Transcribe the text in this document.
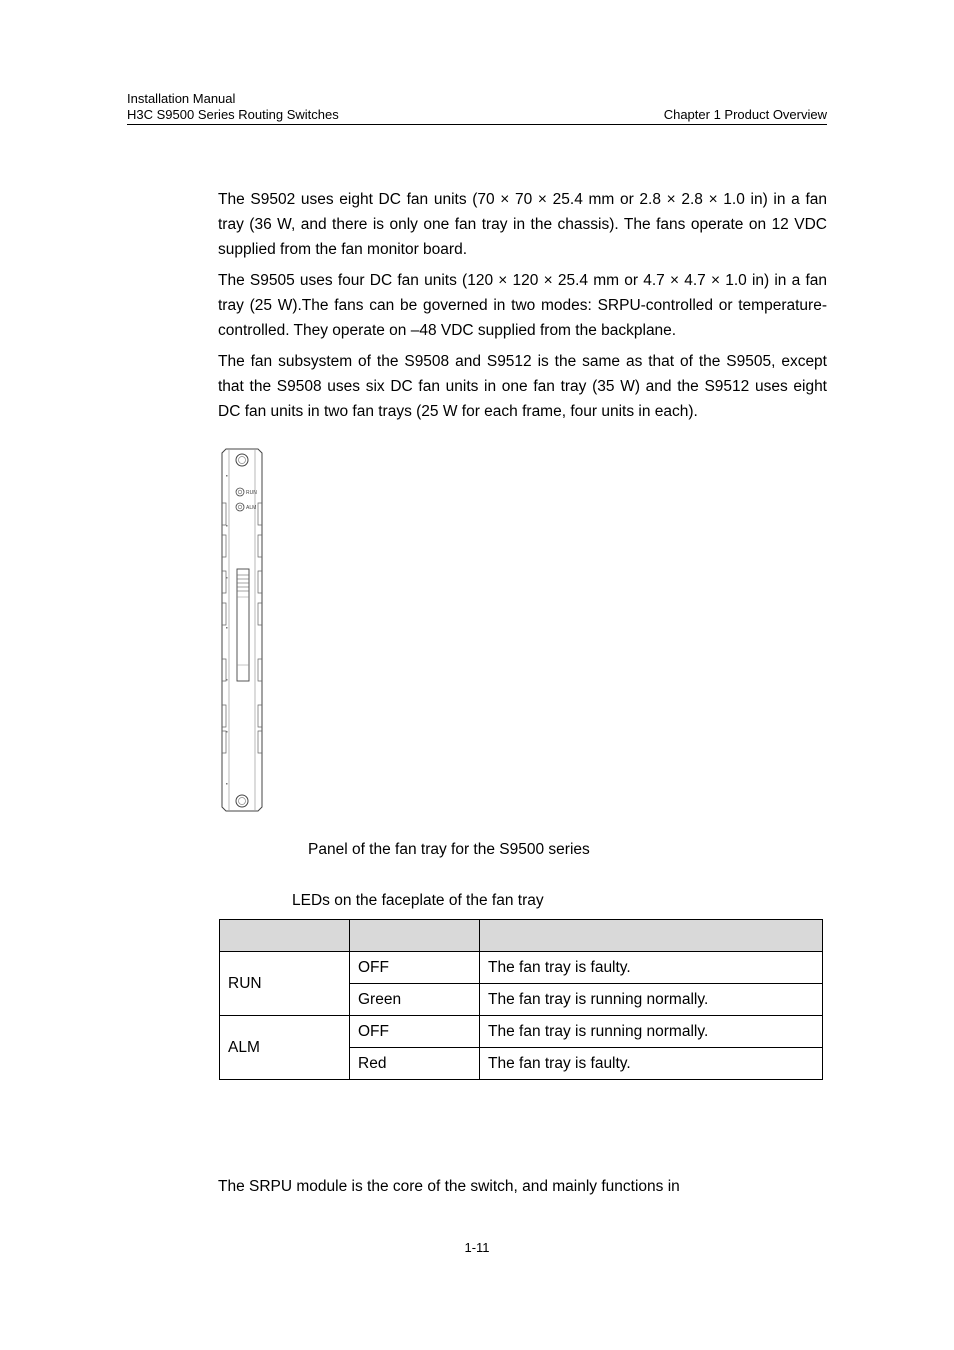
Installation Manual
H3C S9500 Series Routing Switches	Chapter 1 Product Overview

The S9502 uses eight DC fan units (70 × 70 × 25.4 mm or 2.8 × 2.8 × 1.0 in) in a fan tray (36 W, and there is only one fan tray in the chassis). The fans operate on 12 VDC supplied from the fan monitor board.

The S9505 uses four DC fan units (120 × 120 × 25.4 mm or 4.7 × 4.7 × 1.0 in) in a fan tray (25 W).The fans can be governed in two modes: SRPU-controlled or temperature-controlled. They operate on –48 VDC supplied from the backplane.

The fan subsystem of the S9508 and S9512 is the same as that of the S9505, except that the S9508 uses six DC fan units in one fan tray (35 W) and the S9512 uses eight DC fan units in two fan trays (25 W for each frame, four units in each).

RUN
ALM
Panel of the fan tray for the S9500 series
LEDs on the faceplate of the fan tray

RUN	OFF	The fan tray is faulty.
	Green	The fan tray is running normally.
ALM	OFF	The fan tray is running normally.
	Red	The fan tray is faulty.
The SRPU module is the core of the switch, and mainly functions in
1-11
